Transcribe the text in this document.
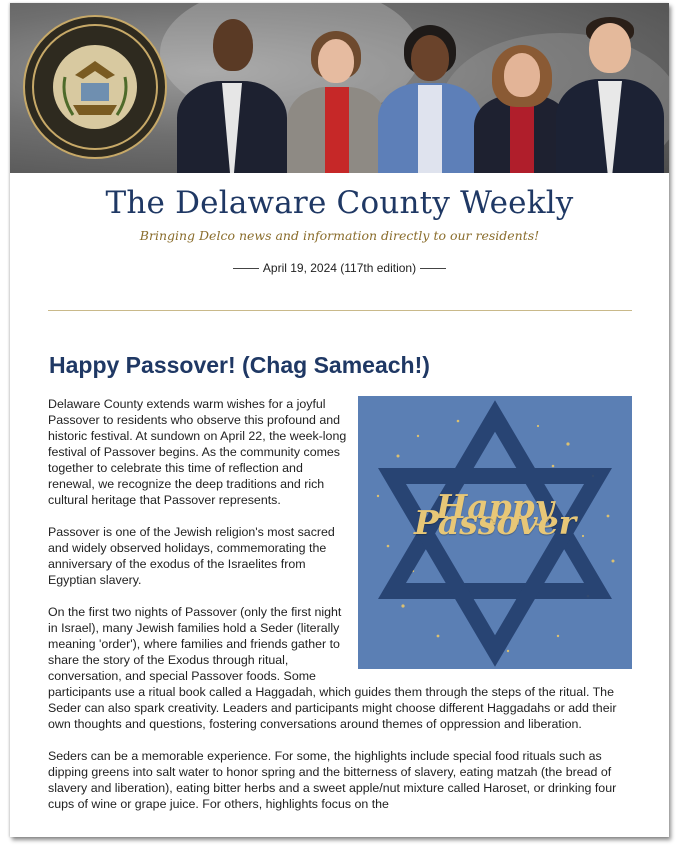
The Delaware County Weekly
Bringing Delco news and information directly to our residents!
April 19, 2024 (117th edition)
Happy Passover! (Chag Sameach!)
Happy Passover

Delaware County extends warm wishes for a joyful Passover to residents who observe this profound and historic festival. At sundown on April 22, the week-long festival of Passover begins. As the community comes together to celebrate this time of reflection and renewal, we recognize the deep traditions and rich cultural heritage that Passover represents.

Passover is one of the Jewish religion's most sacred and widely observed holidays, commemorating the anniversary of the exodus of the Israelites from Egyptian slavery.

On the first two nights of Passover (only the first night in Israel), many Jewish families hold a Seder (literally meaning 'order'), where families and friends gather to share the story of the Exodus through ritual, conversation, and special Passover foods. Some participants use a ritual book called a Haggadah, which guides them through the steps of the ritual. The Seder can also spark creativity. Leaders and participants might choose different Haggadahs or add their own thoughts and questions, fostering conversations around themes of oppression and liberation.

Seders can be a memorable experience. For some, the highlights include special food rituals such as dipping greens into salt water to honor spring and the bitterness of slavery, eating matzah (the bread of slavery and liberation), eating bitter herbs and a sweet apple/nut mixture called Haroset, or drinking four cups of wine or grape juice. For others, highlights focus on the
